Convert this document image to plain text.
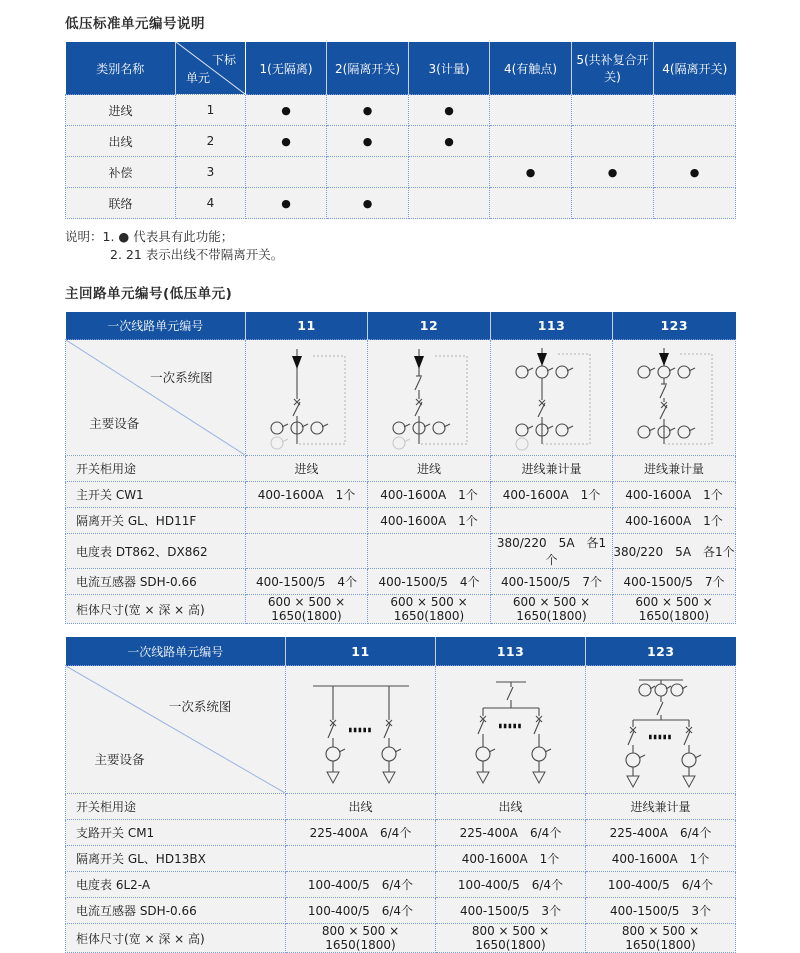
低压标准单元编号说明
类别名称	下标
单元	1(无隔离)	2(隔离开关)	3(计量)	4(有触点)	5(共补复合开关)	4(隔离开关)
进线	1	●	●	●			
出线	2	●	●	●			
补偿	3				●	●	●
联络	4	●	●				
说明：1. ● 代表具有此功能；
2. 21 表示出线不带隔离开关。
主回路单元编号(低压单元)
一次线路单元编号	11	12	113	123

一次系统图
主要设备

开关柜用途	进线	进线	进线兼计量	进线兼计量
主开关 CW1	400-1600A　1个	400-1600A　1个	400-1600A　1个	400-1600A　1个
隔离开关 GL、HD11F		400-1600A　1个		400-1600A　1个
电度表 DT862、DX862			380/220　5A　各1个	380/220　5A　各1个
电流互感器 SDH-0.66	400-1500/5　4个	400-1500/5　4个	400-1500/5　7个	400-1500/5　7个
柜体尺寸(宽 × 深 × 高)	600 × 500 × 1650(1800)	600 × 500 × 1650(1800)	600 × 500 × 1650(1800)	600 × 500 × 1650(1800)
一次线路单元编号	11	113	123

一次系统图
主要设备

开关柜用途	出线	出线	进线兼计量
支路开关 CM1	225-400A　6/4个	225-400A　6/4个	225-400A　6/4个
隔离开关 GL、HD13BX		400-1600A　1个	400-1600A　1个
电度表 6L2-A	100-400/5　6/4个	100-400/5　6/4个	100-400/5　6/4个
电流互感器 SDH-0.66	100-400/5　6/4个	400-1500/5　3个	400-1500/5　3个
柜体尺寸(宽 × 深 × 高)	800 × 500 × 1650(1800)	800 × 500 × 1650(1800)	800 × 500 × 1650(1800)
